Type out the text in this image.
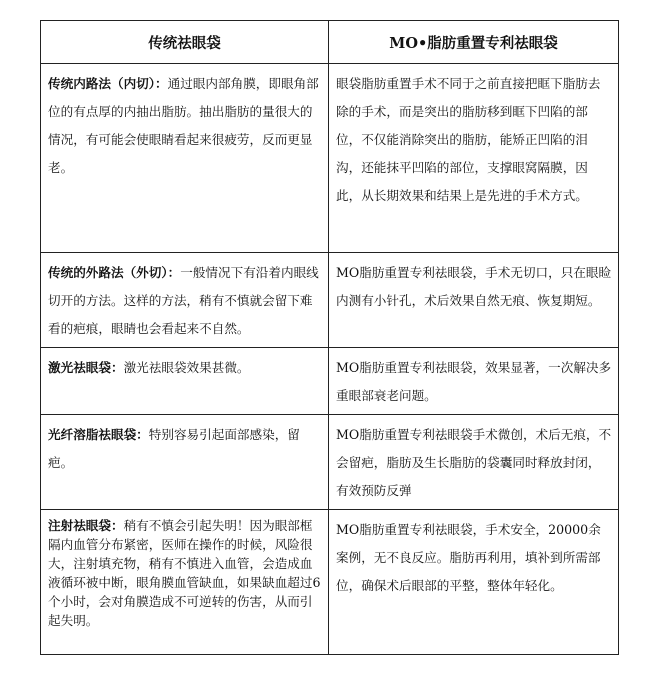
传统祛眼袋	MO•脂肪重置专利祛眼袋

传统内路法（内切）：通过眼内部角膜，即眼角部位的有点厚的内抽出脂肪。抽出脂肪的量很大的情况，有可能会使眼睛看起来很疲劳，反而更显老。	眼袋脂肪重置手术不同于之前直接把眶下脂肪去除的手术，而是突出的脂肪移到眶下凹陷的部位，不仅能消除突出的脂肪，能矫正凹陷的泪沟，还能抹平凹陷的部位，支撑眼窝隔膜，因此，从长期效果和结果上是先进的手术方式。

传统的外路法（外切）：一般情况下有沿着内眼线切开的方法。这样的方法，稍有不慎就会留下难看的疤痕，眼睛也会看起来不自然。	MO脂肪重置专利祛眼袋，手术无切口，只在眼睑内测有小针孔，术后效果自然无痕、恢复期短。

激光祛眼袋：激光祛眼袋效果甚微。	MO脂肪重置专利祛眼袋，效果显著，一次解决多重眼部衰老问题。

光纤溶脂祛眼袋：特别容易引起面部感染，留疤。	MO脂肪重置专利祛眼袋手术微创，术后无痕，不会留疤，脂肪及生长脂肪的袋囊同时释放封闭，有效预防反弹

注射祛眼袋：稍有不慎会引起失明！因为眼部框隔内血管分布紧密，医师在操作的时候，风险很大，注射填充物，稍有不慎进入血管，会造成血液循环被中断，眼角膜血管缺血，如果缺血超过6个小时，会对角膜造成不可逆转的伤害，从而引起失明。	MO脂肪重置专利祛眼袋，手术安全，20000余案例，无不良反应。脂肪再利用，填补到所需部位，确保术后眼部的平整，整体年轻化。
